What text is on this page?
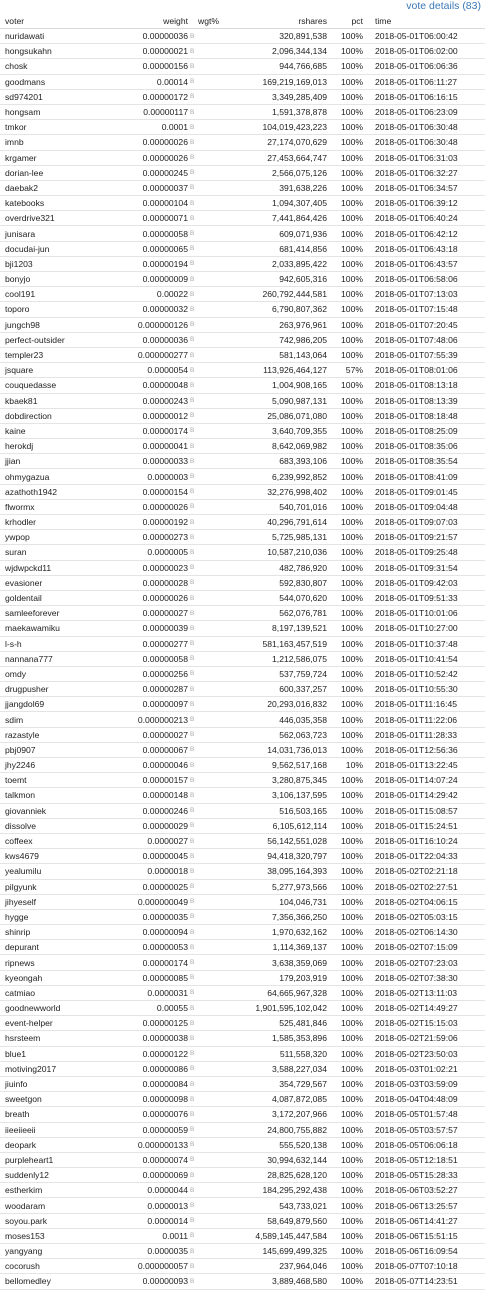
vote details (83)
voter	weight		wgt%	rshares	pct	time
nuridawati	0.00000036	B		320,891,538	100%	2018-05-01T06:00:42
hongsukahn	0.00000021	B		2,096,344,134	100%	2018-05-01T06:02:00
chosk	0.00000156	B		944,766,685	100%	2018-05-01T06:06:36
goodmans	0.00014	B		169,219,169,013	100%	2018-05-01T06:11:27
sd974201	0.00000172	B		3,349,285,409	100%	2018-05-01T06:16:15
hongsam	0.00000117	B		1,591,378,878	100%	2018-05-01T06:23:09
tmkor	0.0001	B		104,019,423,223	100%	2018-05-01T06:30:48
imnb	0.00000026	B		27,174,070,629	100%	2018-05-01T06:30:48
krgamer	0.00000026	B		27,453,664,747	100%	2018-05-01T06:31:03
dorian-lee	0.00000245	B		2,566,075,126	100%	2018-05-01T06:32:27
daebak2	0.00000037	B		391,638,226	100%	2018-05-01T06:34:57
katebooks	0.00000104	B		1,094,307,405	100%	2018-05-01T06:39:12
overdrive321	0.00000071	B		7,441,864,426	100%	2018-05-01T06:40:24
junisara	0.00000058	B		609,071,936	100%	2018-05-01T06:42:12
docudai-jun	0.00000065	B		681,414,856	100%	2018-05-01T06:43:18
bji1203	0.00000194	B		2,033,895,422	100%	2018-05-01T06:43:57
bonyjo	0.00000009	B		942,605,316	100%	2018-05-01T06:58:06
cool191	0.00022	B		260,792,444,581	100%	2018-05-01T07:13:03
toporo	0.00000032	B		6,790,807,362	100%	2018-05-01T07:15:48
jungch98	0.000000126	B		263,976,961	100%	2018-05-01T07:20:45
perfect-outsider	0.00000036	B		742,986,205	100%	2018-05-01T07:48:06
templer23	0.000000277	B		581,143,064	100%	2018-05-01T07:55:39
jsquare	0.0000054	B		113,926,464,127	57%	2018-05-01T08:01:06
couquedasse	0.00000048	B		1,004,908,165	100%	2018-05-01T08:13:18
kbaek81	0.00000243	B		5,090,987,131	100%	2018-05-01T08:13:39
dobdirection	0.00000012	B		25,086,071,080	100%	2018-05-01T08:18:48
kaine	0.00000174	B		3,640,709,355	100%	2018-05-01T08:25:09
herokdj	0.00000041	B		8,642,069,982	100%	2018-05-01T08:35:06
jjian	0.00000033	B		683,393,106	100%	2018-05-01T08:35:54
ohmygazua	0.0000003	B		6,239,992,852	100%	2018-05-01T08:41:09
azathoth1942	0.00000154	B		32,276,998,402	100%	2018-05-01T09:01:45
flwormx	0.00000026	B		540,701,016	100%	2018-05-01T09:04:48
krhodler	0.00000192	B		40,296,791,614	100%	2018-05-01T09:07:03
ywpop	0.00000273	B		5,725,985,131	100%	2018-05-01T09:21:57
suran	0.0000005	B		10,587,210,036	100%	2018-05-01T09:25:48
wjdwpckd11	0.00000023	B		482,786,920	100%	2018-05-01T09:31:54
evasioner	0.00000028	B		592,830,807	100%	2018-05-01T09:42:03
goldentail	0.00000026	B		544,070,620	100%	2018-05-01T09:51:33
samleeforever	0.00000027	B		562,076,781	100%	2018-05-01T10:01:06
maekawamiku	0.00000039	B		8,197,139,521	100%	2018-05-01T10:27:00
l-s-h	0.00000277	B		581,163,457,519	100%	2018-05-01T10:37:48
nannana777	0.00000058	B		1,212,586,075	100%	2018-05-01T10:41:54
omdy	0.00000256	B		537,759,724	100%	2018-05-01T10:52:42
drugpusher	0.00000287	B		600,337,257	100%	2018-05-01T10:55:30
jjangdol69	0.00000097	B		20,293,016,832	100%	2018-05-01T11:16:45
sdim	0.000000213	B		446,035,358	100%	2018-05-01T11:22:06
razastyle	0.00000027	B		562,063,723	100%	2018-05-01T11:28:33
pbj0907	0.00000067	B		14,031,736,013	100%	2018-05-01T12:56:36
jhy2246	0.00000046	B		9,562,517,168	10%	2018-05-01T13:22:45
toemt	0.00000157	B		3,280,875,345	100%	2018-05-01T14:07:24
talkmon	0.00000148	B		3,106,137,595	100%	2018-05-01T14:29:42
giovanniek	0.00000246	B		516,503,165	100%	2018-05-01T15:08:57
dissolve	0.00000029	B		6,105,612,114	100%	2018-05-01T15:24:51
coffeex	0.0000027	B		56,142,551,028	100%	2018-05-01T16:10:24
kws4679	0.00000045	B		94,418,320,797	100%	2018-05-01T22:04:33
yealumilu	0.0000018	B		38,095,164,393	100%	2018-05-02T02:21:18
pilgyunk	0.00000025	B		5,277,973,566	100%	2018-05-02T02:27:51
jihyeself	0.000000049	B		104,046,731	100%	2018-05-02T04:06:15
hygge	0.00000035	B		7,356,366,250	100%	2018-05-02T05:03:15
shinrip	0.00000094	B		1,970,632,162	100%	2018-05-02T06:14:30
depurant	0.00000053	B		1,114,369,137	100%	2018-05-02T07:15:09
ripnews	0.00000174	B		3,638,359,069	100%	2018-05-02T07:23:03
kyeongah	0.00000085	B		179,203,919	100%	2018-05-02T07:38:30
catmiao	0.0000031	B		64,665,967,328	100%	2018-05-02T13:11:03
goodnewworld	0.00055	B		1,901,595,102,042	100%	2018-05-02T14:49:27
event-helper	0.00000125	B		525,481,846	100%	2018-05-02T15:15:03
hsrsteem	0.00000038	B		1,585,353,896	100%	2018-05-02T21:59:06
blue1	0.00000122	B		511,558,320	100%	2018-05-02T23:50:03
motiving2017	0.00000086	B		3,588,227,034	100%	2018-05-03T01:02:21
jiuinfo	0.00000084	B		354,729,567	100%	2018-05-03T03:59:09
sweetgon	0.00000098	B		4,087,872,085	100%	2018-05-04T04:48:09
breath	0.00000076	B		3,172,207,966	100%	2018-05-05T01:57:48
iieeiieeii	0.00000059	B		24,800,755,882	100%	2018-05-05T03:57:57
deopark	0.000000133	B		555,520,138	100%	2018-05-05T06:06:18
purpleheart1	0.00000074	B		30,994,632,144	100%	2018-05-05T12:18:51
suddenly12	0.00000069	B		28,825,628,120	100%	2018-05-05T15:28:33
estherkim	0.0000044	B		184,295,292,438	100%	2018-05-06T03:52:27
woodaram	0.0000013	B		543,733,021	100%	2018-05-06T13:25:57
soyou.park	0.0000014	B		58,649,879,560	100%	2018-05-06T14:41:27
moses153	0.0011	B		4,589,145,447,584	100%	2018-05-06T15:51:15
yangyang	0.0000035	B		145,699,499,325	100%	2018-05-06T16:09:54
cocorush	0.000000057	B		237,964,046	100%	2018-05-07T07:10:18
bellomedley	0.00000093	B		3,889,468,580	100%	2018-05-07T14:23:51
